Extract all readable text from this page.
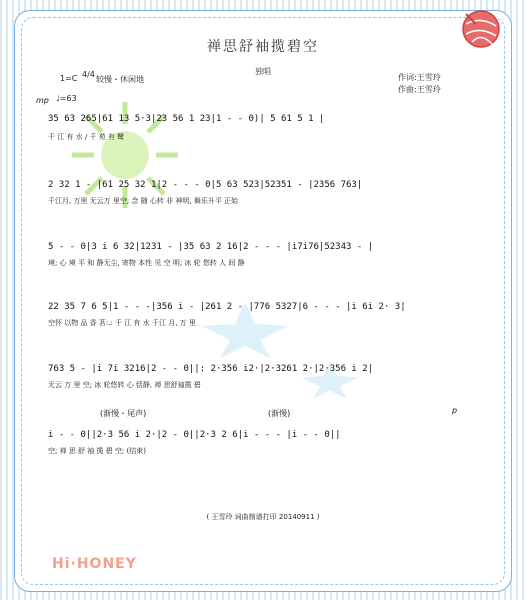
禅思舒袖揽碧空
独唱
1=C 4/4
较慢・休闲地
mp ♩=63
作词:王雪玲
作曲:王雪玲
35 63 265|61 13 5·3|23 56 1 23|1 - - 0)| 5 61 5 1 |
千 江 有 水 / 千 苑 有 鹭
2 32 1 - |61 25 32 1|2 - - - 0|5 63 523|52351 - |2356 763|
千江月, 万里 无云万 里空; 念 随 心转 非 神明, 舞乐升平 正始
5 - - 0|3 i 6 32|1231 - |35 63 2 16|2 - - - |i7i76|52343 - |
境; 心 境 平 和 静无尘, 寄物 本性 见 空 明; 冰 轮 悠转 人 间 静
22 35 7 6 5|1 - - -|356 i - |261 2 - |776 5327|6 - - - |i 6i 2· 3|
空怀 以物 品 香 茗:.: 千 江 有 水 千江 月, 万 里
763 5 - |i 7i 3216|2 - - 0||: 2·356 i2·|2·3261 2·|2·356 i 2|
无云 万 里 空; 冰 轮悠转 心 恬静, 禅 思舒袖揽 碧
(渐慢・尾声)	(渐慢)	p
i - - 0||2·3 56 i 2·|2 - 0||2·3 2 6|i - - - |i - - 0||
空; 禅 思 舒 袖 揽 碧 空; (结束)
( 王雪玲 词曲制谱打印 20140911 )
Hi·HONEY
